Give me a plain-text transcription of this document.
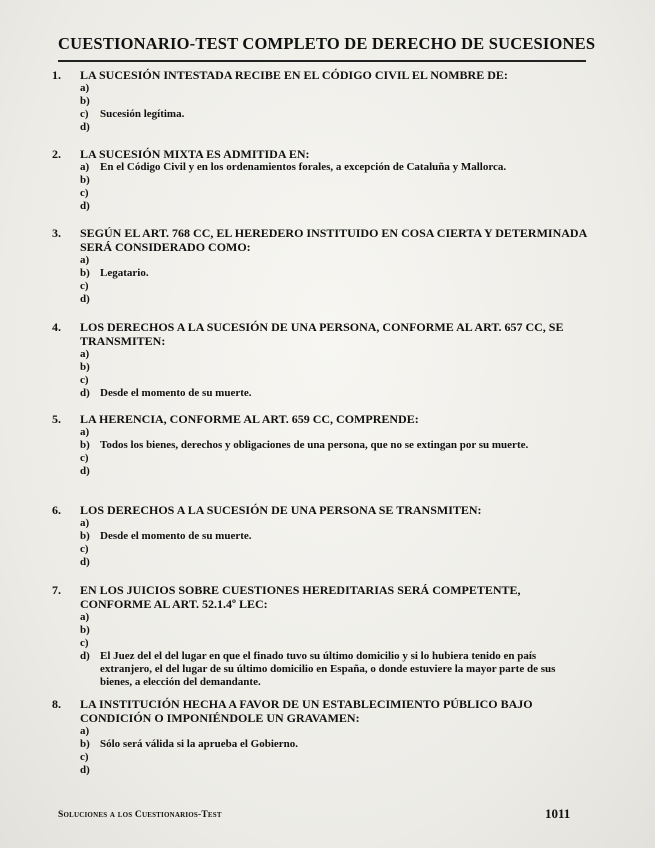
CUESTIONARIO-TEST COMPLETO DE DERECHO DE SUCESIONES
1.	LA SUCESIÓN INTESTADA RECIBE EN EL CÓDIGO CIVIL EL NOMBRE DE:
a)
b)
c)	Sucesión legítima.
d)
2.	LA SUCESIÓN MIXTA ES ADMITIDA EN:
a) En el Código Civil y en los ordenamientos forales, a excepción de Cataluña y Mallorca.
b)
c)
d)
3.	SEGÚN EL ART. 768 CC, EL HEREDERO INSTITUIDO EN COSA CIERTA Y DETERMINADA SERÁ CONSIDERADO COMO:
a)
b) Legatario.
c)
d)
4.	LOS DERECHOS A LA SUCESIÓN DE UNA PERSONA, CONFORME AL ART. 657 CC, SE TRANSMITEN:
a)
b)
c)
d) Desde el momento de su muerte.
5.	LA HERENCIA, CONFORME AL ART. 659 CC, COMPRENDE:
a)
b) Todos los bienes, derechos y obligaciones de una persona, que no se extingan por su muerte.
c)
d)
6.	LOS DERECHOS A LA SUCESIÓN DE UNA PERSONA SE TRANSMITEN:
a)
b) Desde el momento de su muerte.
c)
d)
7.	EN LOS JUICIOS SOBRE CUESTIONES HEREDITARIAS SERÁ COMPETENTE, CONFORME AL ART. 52.1.4º LEC:
a)
b)
c)
d) El Juez del el del lugar en que el finado tuvo su último domicilio y si lo hubiera tenido en país extranjero, el del lugar de su último domicilio en España, o donde estuviere la mayor parte de sus bienes, a elección del demandante.
8.	LA INSTITUCIÓN HECHA A FAVOR DE UN ESTABLECIMIENTO PÚBLICO BAJO CONDICIÓN O IMPONIÉNDOLE UN GRAVAMEN:
a)
b) Sólo será válida si la aprueba el Gobierno.
c)
d)
Soluciones a los Cuestionarios-Test	1011
